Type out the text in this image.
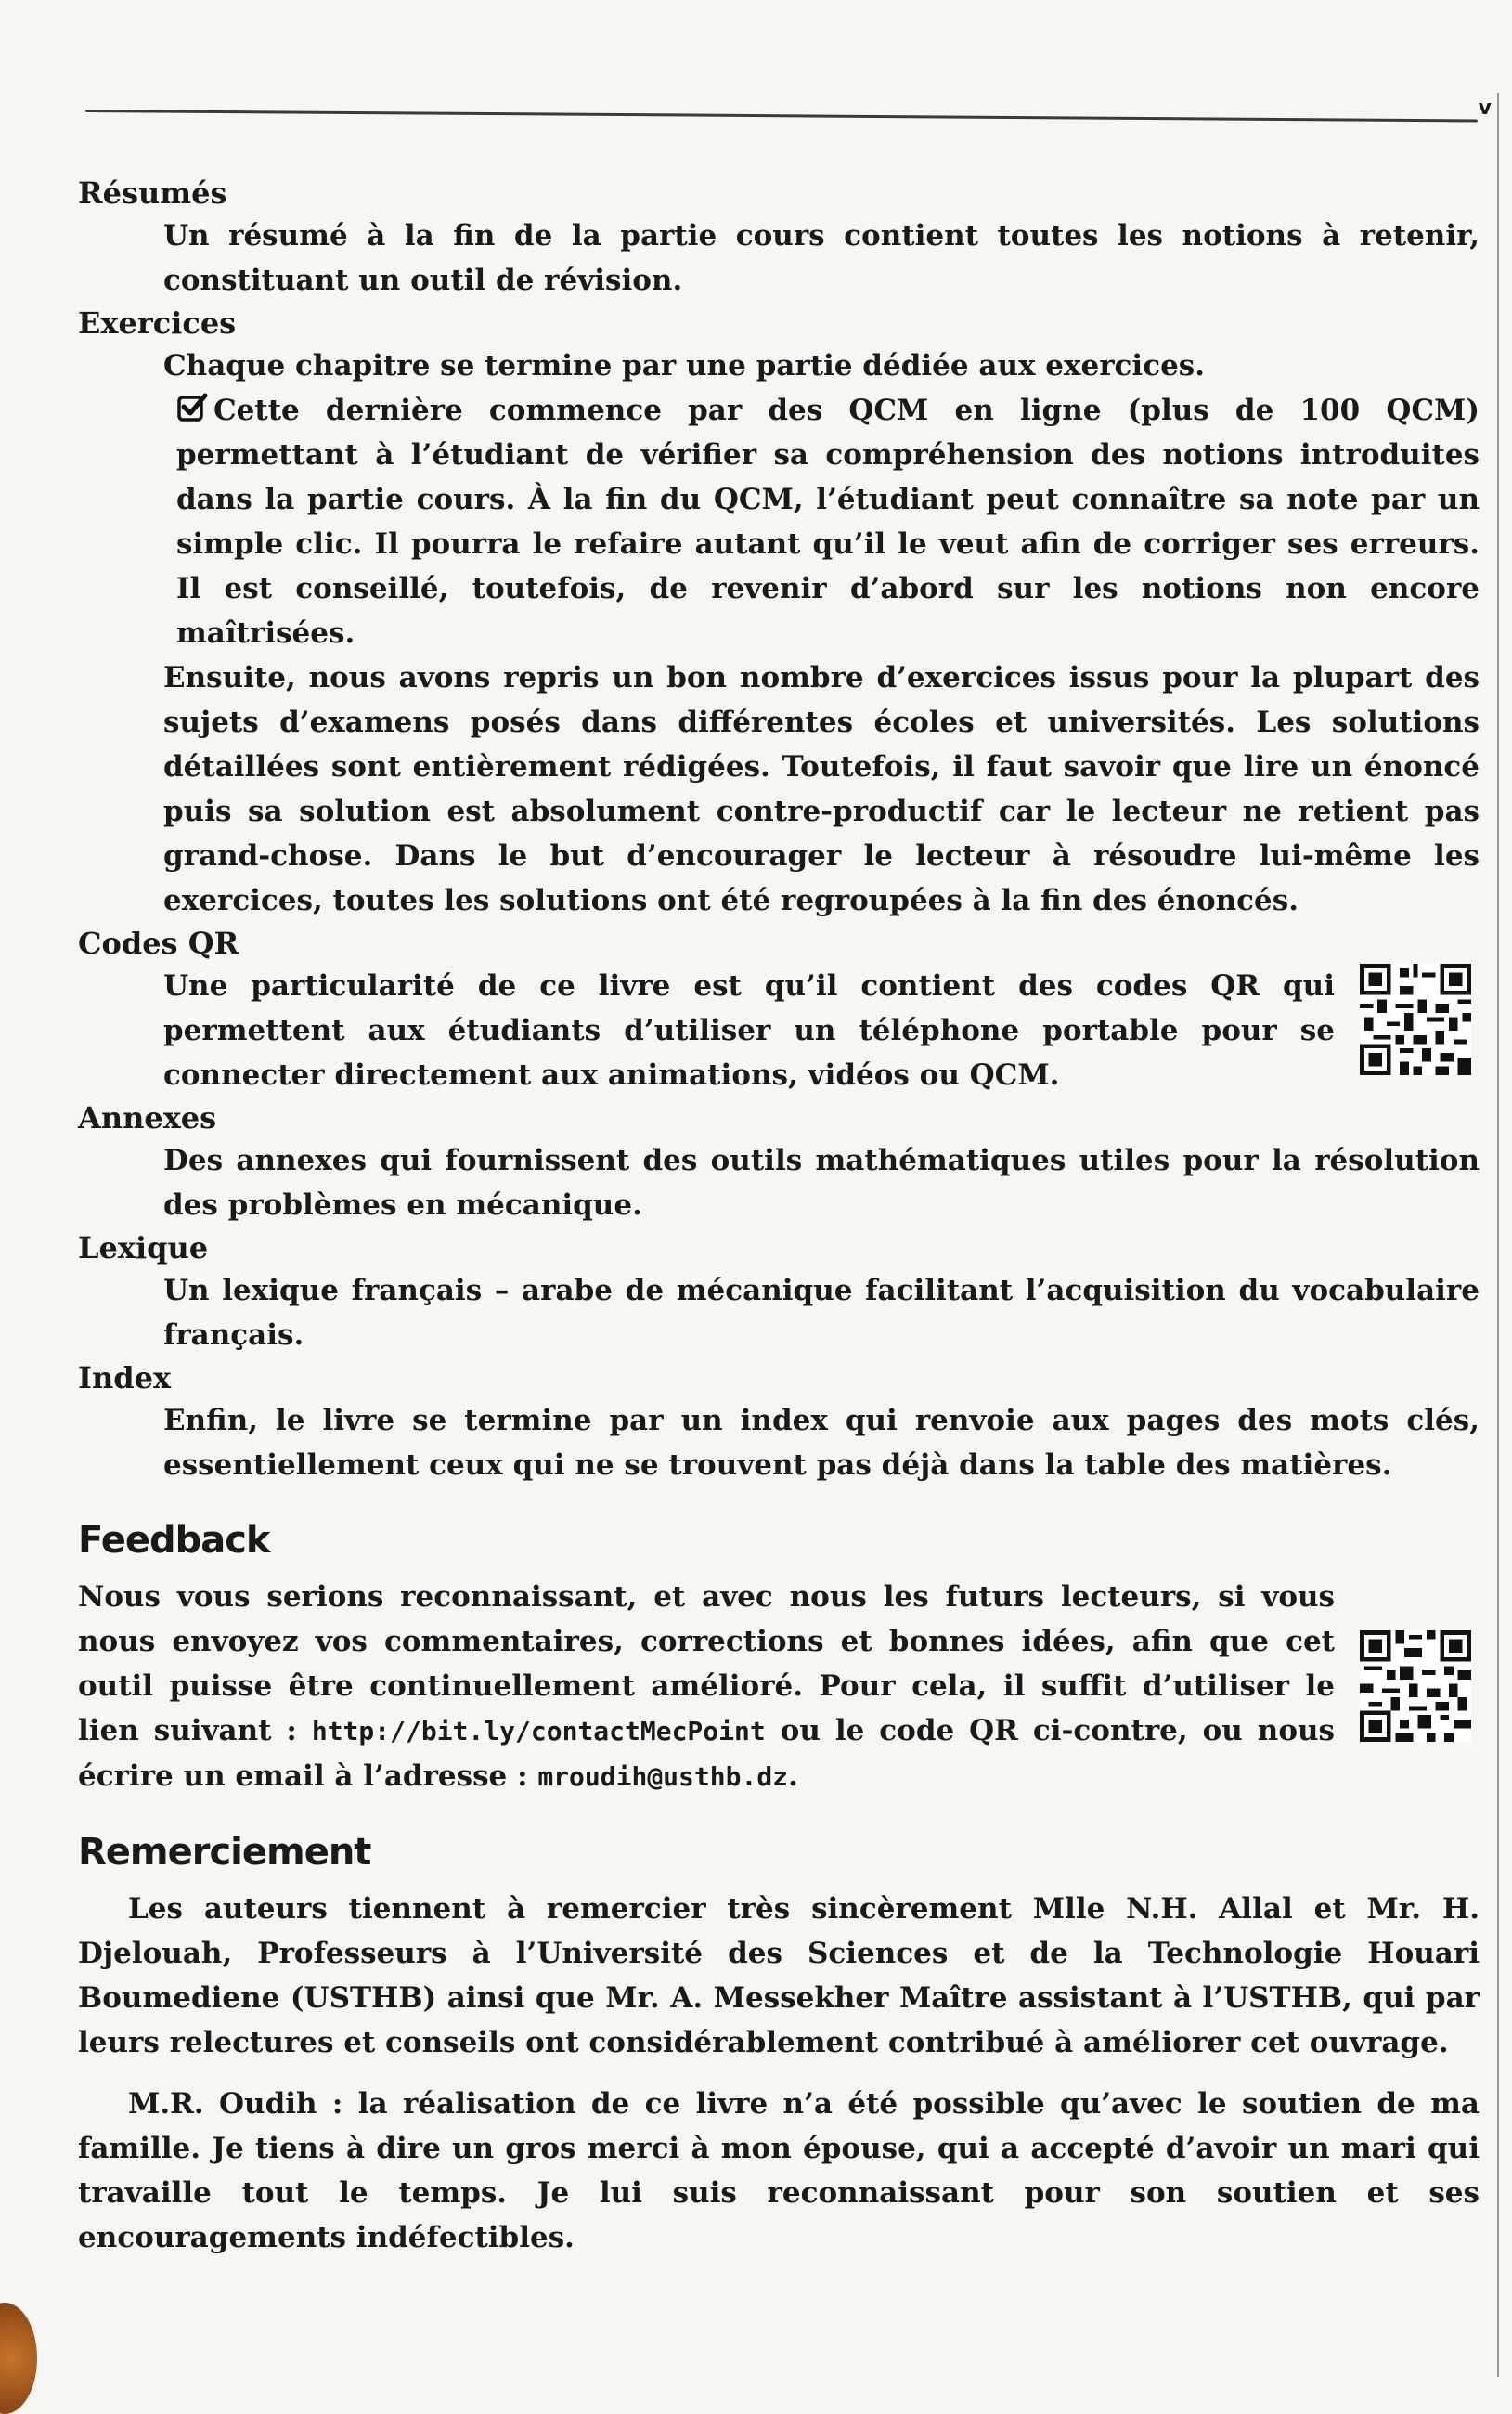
v

Résumés

Un résumé à la fin de la partie cours contient toutes les notions à retenir, constituant un outil de révision.

Exercices

Chaque chapitre se termine par une partie dédiée aux exercices.

Cette dernière commence par des QCM en ligne (plus de 100 QCM) permettant à l’étudiant de vérifier sa compréhension des notions introduites dans la partie cours. À la fin du QCM, l’étudiant peut connaître sa note par un simple clic. Il pourra le refaire autant qu’il le veut afin de corriger ses erreurs. Il est conseillé, toutefois, de revenir d’abord sur les notions non encore maîtrisées.

Ensuite, nous avons repris un bon nombre d’exercices issus pour la plupart des sujets d’examens posés dans différentes écoles et universités. Les solutions détaillées sont entièrement rédigées. Toutefois, il faut savoir que lire un énoncé puis sa solution est absolument contre-productif car le lecteur ne retient pas grand-chose. Dans le but d’encourager le lecteur à résoudre lui-même les exercices, toutes les solutions ont été regroupées à la fin des énoncés.

Codes QR

Une particularité de ce livre est qu’il contient des codes QR qui permettent aux étudiants d’utiliser un téléphone portable pour se connecter directement aux animations, vidéos ou QCM.

Annexes

Des annexes qui fournissent des outils mathématiques utiles pour la résolution des problèmes en mécanique.

Lexique

Un lexique français – arabe de mécanique facilitant l’acquisition du vocabulaire français.

Index

Enfin, le livre se termine par un index qui renvoie aux pages des mots clés, essentiellement ceux qui ne se trouvent pas déjà dans la table des matières.

Feedback

Nous vous serions reconnaissant, et avec nous les futurs lecteurs, si vous nous envoyez vos commentaires, corrections et bonnes idées, afin que cet outil puisse être continuellement amélioré. Pour cela, il suffit d’utiliser le lien suivant : http://bit.ly/contactMecPoint ou le code QR ci-contre, ou nous écrire un email à l’adresse : mroudih@usthb.dz.

Remerciement

Les auteurs tiennent à remercier très sincèrement Mlle N.H. Allal et Mr. H. Djelouah, Professeurs à l’Université des Sciences et de la Technologie Houari Boumediene (USTHB) ainsi que Mr. A. Messekher Maître assistant à l’USTHB, qui par leurs relectures et conseils ont considérablement contribué à améliorer cet ouvrage.

M.R. Oudih : la réalisation de ce livre n’a été possible qu’avec le soutien de ma famille. Je tiens à dire un gros merci à mon épouse, qui a accepté d’avoir un mari qui travaille tout le temps. Je lui suis reconnaissant pour son soutien et ses encouragements indéfectibles.
